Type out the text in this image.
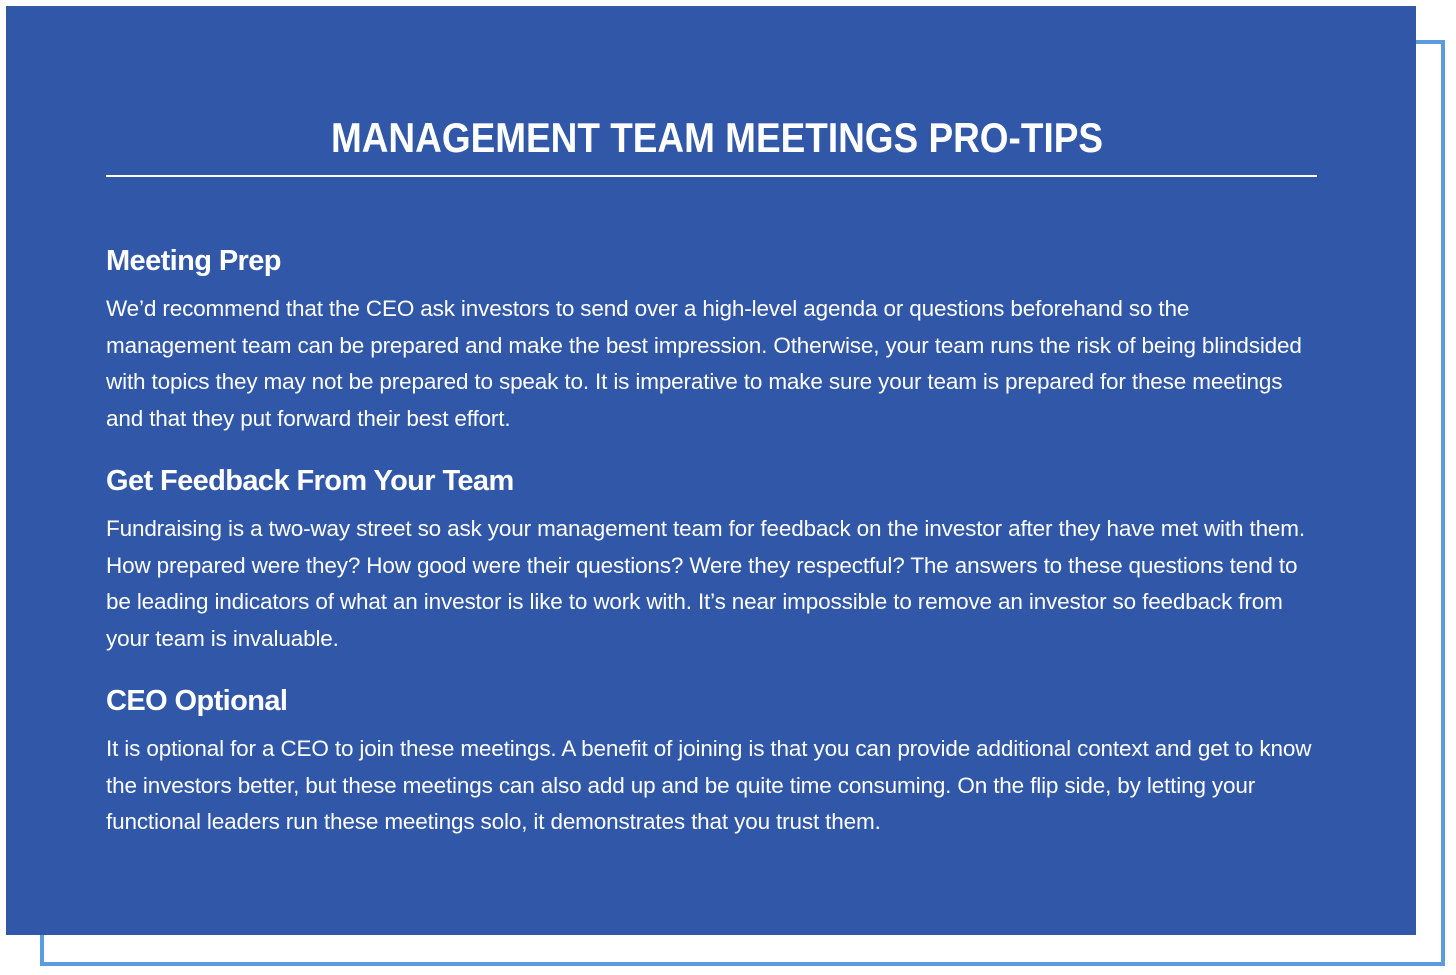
MANAGEMENT TEAM MEETINGS PRO-TIPS
Meeting Prep

We’d recommend that the CEO ask investors to send over a high-level agenda or questions beforehand so the management team can be prepared and make the best impression. Otherwise, your team runs the risk of being blindsided with topics they may not be prepared to speak to. It is imperative to make sure your team is prepared for these meetings and that they put forward their best effort.

Get Feedback From Your Team

Fundraising is a two-way street so ask your management team for feedback on the investor after they have met with them. How prepared were they? How good were their questions? Were they respectful? The answers to these questions tend to be leading indicators of what an investor is like to work with. It’s near impossible to remove an investor so feedback from your team is invaluable.

CEO Optional

It is optional for a CEO to join these meetings. A benefit of joining is that you can provide additional context and get to know the investors better, but these meetings can also add up and be quite time consuming. On the flip side, by letting your functional leaders run these meetings solo, it demonstrates that you trust them.
